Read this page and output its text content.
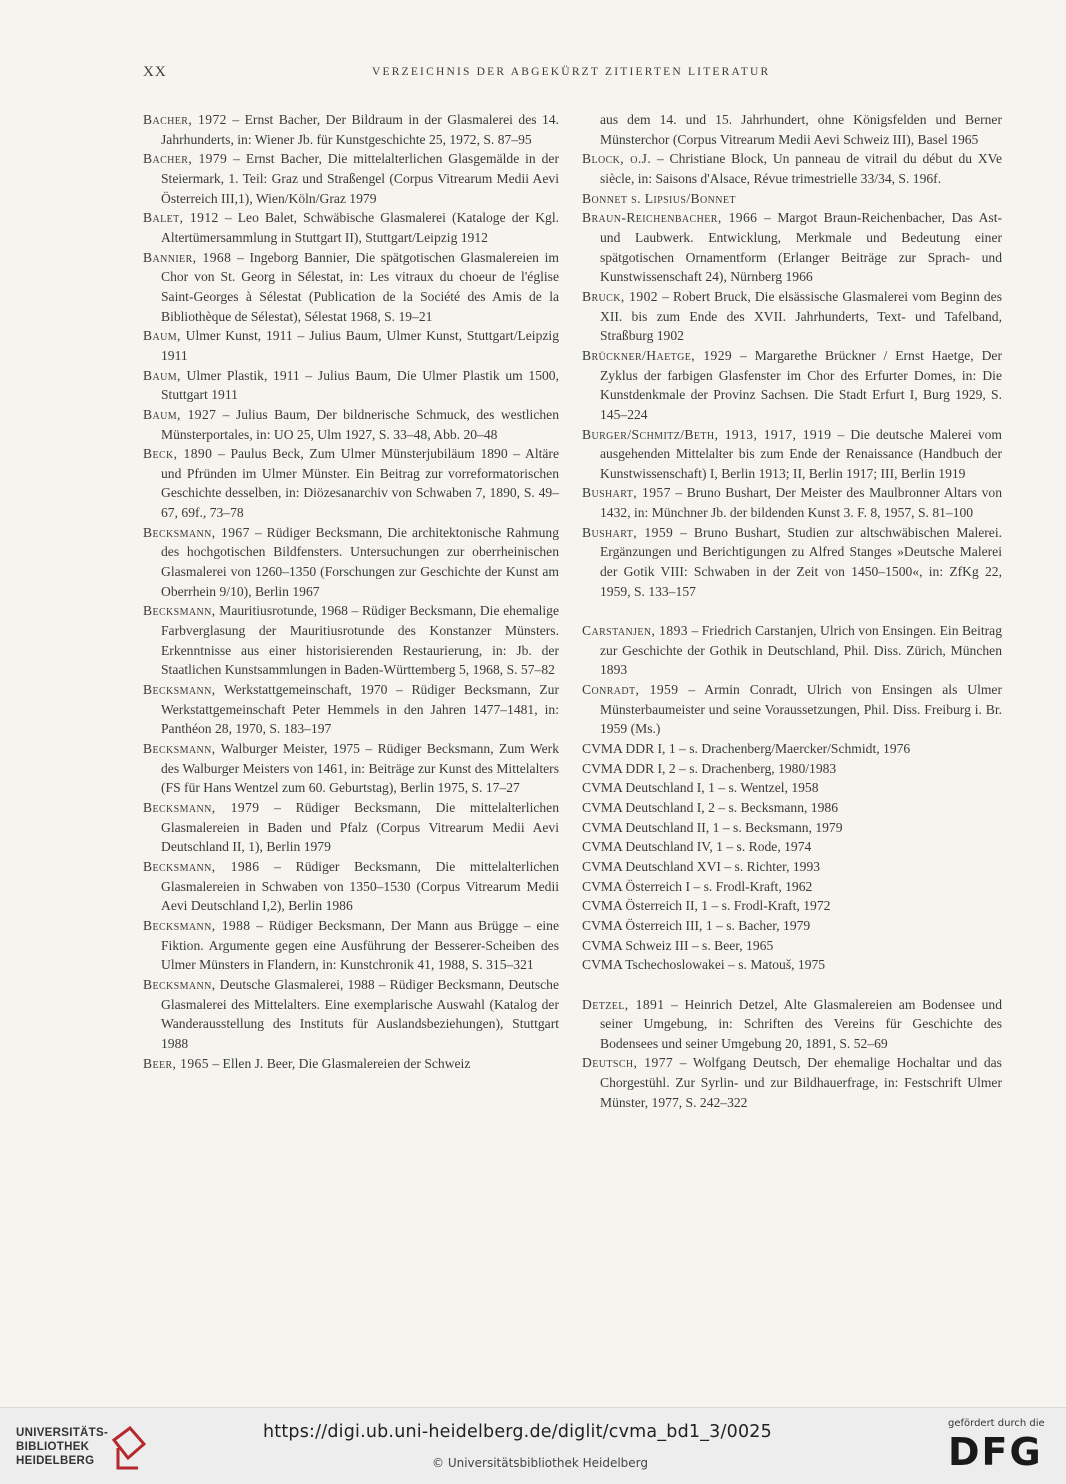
XX	VERZEICHNIS DER ABGEKÜRZT ZITIERTEN LITERATUR
Bacher, 1972 – Ernst Bacher, Der Bildraum in der Glasmalerei des 14. Jahrhunderts, in: Wiener Jb. für Kunstgeschichte 25, 1972, S. 87–95
Bacher, 1979 – Ernst Bacher, Die mittelalterlichen Glasgemälde in der Steiermark, 1. Teil: Graz und Straßengel (Corpus Vitrearum Medii Aevi Österreich III,1), Wien/Köln/Graz 1979
Balet, 1912 – Leo Balet, Schwäbische Glasmalerei (Kataloge der Kgl. Altertümersammlung in Stuttgart II), Stuttgart/Leipzig 1912
Bannier, 1968 – Ingeborg Bannier, Die spätgotischen Glasmalereien im Chor von St. Georg in Sélestat, in: Les vitraux du choeur de l'église Saint-Georges à Sélestat (Publication de la Société des Amis de la Bibliothèque de Sélestat), Sélestat 1968, S. 19–21
Baum, Ulmer Kunst, 1911 – Julius Baum, Ulmer Kunst, Stuttgart/Leipzig 1911
Baum, Ulmer Plastik, 1911 – Julius Baum, Die Ulmer Plastik um 1500, Stuttgart 1911
Baum, 1927 – Julius Baum, Der bildnerische Schmuck, des westlichen Münsterportales, in: UO 25, Ulm 1927, S. 33–48, Abb. 20–48
Beck, 1890 – Paulus Beck, Zum Ulmer Münsterjubiläum 1890 – Altäre und Pfründen im Ulmer Münster. Ein Beitrag zur vorreformatorischen Geschichte desselben, in: Diözesanarchiv von Schwaben 7, 1890, S. 49–67, 69f., 73–78
Becksmann, 1967 – Rüdiger Becksmann, Die architektonische Rahmung des hochgotischen Bildfensters. Untersuchungen zur oberrheinischen Glasmalerei von 1260–1350 (Forschungen zur Geschichte der Kunst am Oberrhein 9/10), Berlin 1967
Becksmann, Mauritiusrotunde, 1968 – Rüdiger Becksmann, Die ehemalige Farbverglasung der Mauritiusrotunde des Konstanzer Münsters. Erkenntnisse aus einer historisierenden Restaurierung, in: Jb. der Staatlichen Kunstsammlungen in Baden-Württemberg 5, 1968, S. 57–82
Becksmann, Werkstattgemeinschaft, 1970 – Rüdiger Becksmann, Zur Werkstattgemeinschaft Peter Hemmels in den Jahren 1477–1481, in: Panthéon 28, 1970, S. 183–197
Becksmann, Walburger Meister, 1975 – Rüdiger Becksmann, Zum Werk des Walburger Meisters von 1461, in: Beiträge zur Kunst des Mittelalters (FS für Hans Wentzel zum 60. Geburtstag), Berlin 1975, S. 17–27
Becksmann, 1979 – Rüdiger Becksmann, Die mittelalterlichen Glasmalereien in Baden und Pfalz (Corpus Vitrearum Medii Aevi Deutschland II, 1), Berlin 1979
Becksmann, 1986 – Rüdiger Becksmann, Die mittelalterlichen Glasmalereien in Schwaben von 1350–1530 (Corpus Vitrearum Medii Aevi Deutschland I,2), Berlin 1986
Becksmann, 1988 – Rüdiger Becksmann, Der Mann aus Brügge – eine Fiktion. Argumente gegen eine Ausführung der Besserer-Scheiben des Ulmer Münsters in Flandern, in: Kunstchronik 41, 1988, S. 315–321
Becksmann, Deutsche Glasmalerei, 1988 – Rüdiger Becksmann, Deutsche Glasmalerei des Mittelalters. Eine exemplarische Auswahl (Katalog der Wanderausstellung des Instituts für Auslandsbeziehungen), Stuttgart 1988
Beer, 1965 – Ellen J. Beer, Die Glasmalereien der Schweiz
aus dem 14. und 15. Jahrhundert, ohne Königsfelden und Berner Münsterchor (Corpus Vitrearum Medii Aevi Schweiz III), Basel 1965
Block, o.J. – Christiane Block, Un panneau de vitrail du début du XVe siècle, in: Saisons d'Alsace, Révue trimestrielle 33/34, S. 196f.
Bonnet s. Lipsius/Bonnet
Braun-Reichenbacher, 1966 – Margot Braun-Reichenbacher, Das Ast- und Laubwerk. Entwicklung, Merkmale und Bedeutung einer spätgotischen Ornamentform (Erlanger Beiträge zur Sprach- und Kunstwissenschaft 24), Nürnberg 1966
Bruck, 1902 – Robert Bruck, Die elsässische Glasmalerei vom Beginn des XII. bis zum Ende des XVII. Jahrhunderts, Text- und Tafelband, Straßburg 1902
Brückner/Haetge, 1929 – Margarethe Brückner / Ernst Haetge, Der Zyklus der farbigen Glasfenster im Chor des Erfurter Domes, in: Die Kunstdenkmale der Provinz Sachsen. Die Stadt Erfurt I, Burg 1929, S. 145–224
Burger/Schmitz/Beth, 1913, 1917, 1919 – Die deutsche Malerei vom ausgehenden Mittelalter bis zum Ende der Renaissance (Handbuch der Kunstwissenschaft) I, Berlin 1913; II, Berlin 1917; III, Berlin 1919
Bushart, 1957 – Bruno Bushart, Der Meister des Maulbronner Altars von 1432, in: Münchner Jb. der bildenden Kunst 3. F. 8, 1957, S. 81–100
Bushart, 1959 – Bruno Bushart, Studien zur altschwäbischen Malerei. Ergänzungen und Berichtigungen zu Alfred Stanges »Deutsche Malerei der Gotik VIII: Schwaben in der Zeit von 1450–1500«, in: ZfKg 22, 1959, S. 133–157
Carstanjen, 1893 – Friedrich Carstanjen, Ulrich von Ensingen. Ein Beitrag zur Geschichte der Gothik in Deutschland, Phil. Diss. Zürich, München 1893
Conradt, 1959 – Armin Conradt, Ulrich von Ensingen als Ulmer Münsterbaumeister und seine Voraussetzungen, Phil. Diss. Freiburg i. Br. 1959 (Ms.)
CVMA DDR I, 1 – s. Drachenberg/Maercker/Schmidt, 1976
CVMA DDR I, 2 – s. Drachenberg, 1980/1983
CVMA Deutschland I, 1 – s. Wentzel, 1958
CVMA Deutschland I, 2 – s. Becksmann, 1986
CVMA Deutschland II, 1 – s. Becksmann, 1979
CVMA Deutschland IV, 1 – s. Rode, 1974
CVMA Deutschland XVI – s. Richter, 1993
CVMA Österreich I – s. Frodl-Kraft, 1962
CVMA Österreich II, 1 – s. Frodl-Kraft, 1972
CVMA Österreich III, 1 – s. Bacher, 1979
CVMA Schweiz III – s. Beer, 1965
CVMA Tschechoslowakei – s. Matouš, 1975
Detzel, 1891 – Heinrich Detzel, Alte Glasmalereien am Bodensee und seiner Umgebung, in: Schriften des Vereins für Geschichte des Bodensees und seiner Umgebung 20, 1891, S. 52–69
Deutsch, 1977 – Wolfgang Deutsch, Der ehemalige Hochaltar und das Chorgestühl. Zur Syrlin- und zur Bildhauerfrage, in: Festschrift Ulmer Münster, 1977, S. 242–322
UNIVERSITÄTS-
BIBLIOTHEK
HEIDELBERG
https://digi.ub.uni-heidelberg.de/diglit/cvma_bd1_3/0025
© Universitätsbibliothek Heidelberg
gefördert durch die
DFG
